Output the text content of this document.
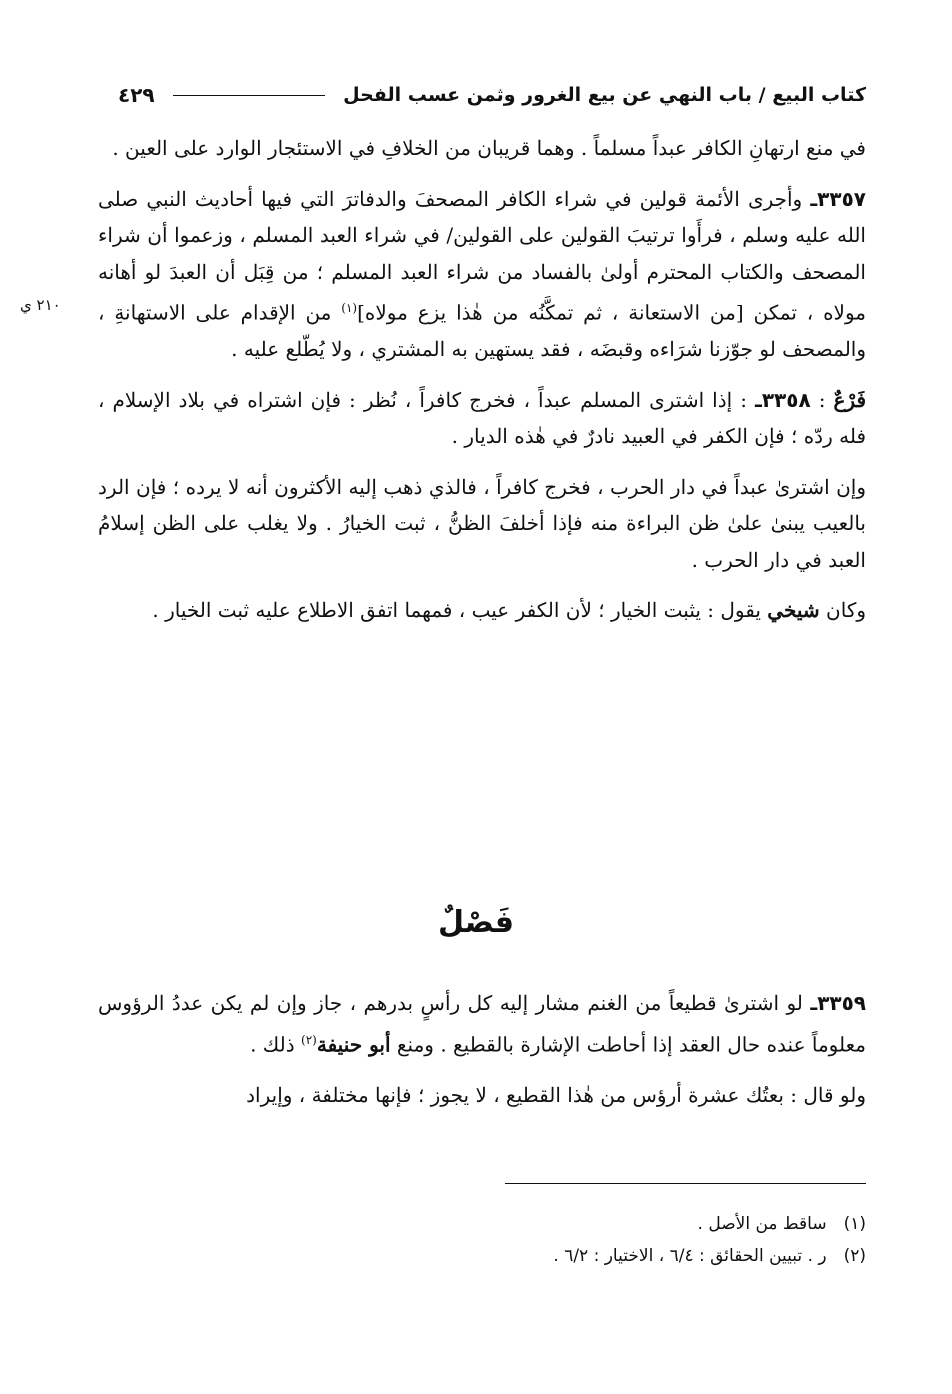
كتاب البيع / باب النهي عن بيع الغرور وثمن عسب الفحل
٤٢٩
٢١٠ ي

في منع ارتهانِ الكافر عبداً مسلماً . وهما قريبان من الخلافِ في الاستئجار الوارد على العين .

٣٣٥٧ـ وأجرى الأئمة قولين في شراء الكافر المصحفَ والدفاترَ التي فيها أحاديث النبي صلى الله عليه وسلم ، فرأَوا ترتيبَ القولين على القولين/ في شراء العبد المسلم ، وزعموا أن شراء المصحف والكتاب المحترم أولىٰ بالفساد من شراء العبد المسلم ؛ من قِبَل أن العبدَ لو أهانه مولاه ، تمكن [من الاستعانة ، ثم تمكَّنُه من هٰذا يزع مولاه]$^{(١)}$ من الإقدام على الاستهانةِ ، والمصحف لو جوّزنا شرَاءه وقبضَه ، فقد يستهين به المشتري ، ولا يُطّلع عليه .

فَرْعٌ : ٣٣٥٨ـ : إذا اشترى المسلم عبداً ، فخرج كافراً ، نُظر : فإن اشتراه في بلاد الإسلام ، فله ردّه ؛ فإن الكفر في العبيد نادرٌ في هٰذه الديار .

وإن اشترىٰ عبداً في دار الحرب ، فخرج كافراً ، فالذي ذهب إليه الأكثرون أنه لا يرده ؛ فإن الرد بالعيب يبنىٰ علىٰ ظن البراءة منه فإذا أخلفَ الظنُّ ، ثبت الخيارُ . ولا يغلب على الظن إسلامُ العبد في دار الحرب .

وكان شيخي يقول : يثبت الخيار ؛ لأن الكفر عيب ، فمهما اتفق الاطلاع عليه ثبت الخيار .

فَصْلٌ

٣٣٥٩ـ لو اشترىٰ قطيعاً من الغنم مشار إليه كل رأسٍ بدرهم ، جاز وإن لم يكن عددُ الرؤوس معلوماً عنده حال العقد إذا أحاطت الإشارة بالقطيع . ومنع أبو حنيفة$^{(٢)}$ ذلك .

ولو قال : بعتُك عشرة أرؤس من هٰذا القطيع ، لا يجوز ؛ فإنها مختلفة ، وإيراد

(١) ساقط من الأصل .
(٢) ر . تبيين الحقائق : ٦/٤ ، الاختيار : ٦/٢ .
